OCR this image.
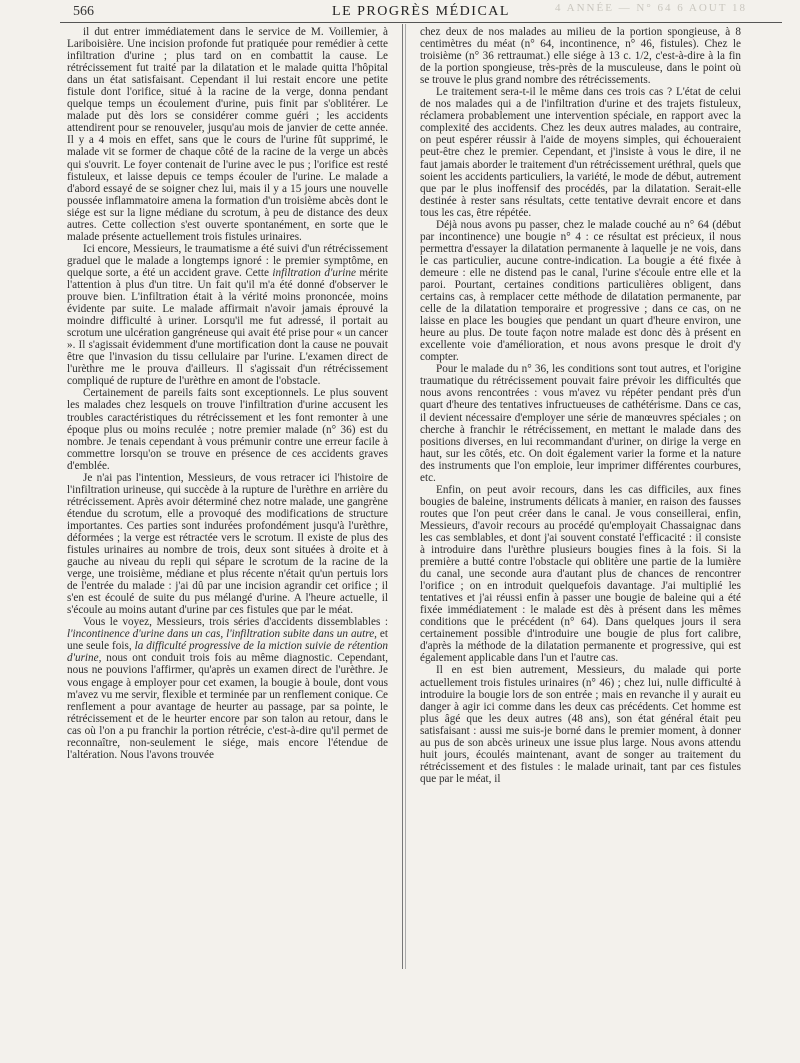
566	LE PROGRÈS MÉDICAL	4 ANNÉE — N° 64 6 AOUT 18

il dut entrer immédiatement dans le service de M. Voillemier, à Lariboisière. Une incision profonde fut pratiquée pour remédier à cette infiltration d'urine ; plus tard on en combattit la cause. Le rétrécissement fut traité par la dilatation et le malade quitta l'hôpital dans un état satisfaisant. Cependant il lui restait encore une petite fistule dont l'orifice, situé à la racine de la verge, donna pendant quelque temps un écoulement d'urine, puis finit par s'oblitérer. Le malade put dès lors se considérer comme guéri ; les accidents attendirent pour se renouveler, jusqu'au mois de janvier de cette année. Il y a 4 mois en effet, sans que le cours de l'urine fût supprimé, le malade vit se former de chaque côté de la racine de la verge un abcès qui s'ouvrit. Le foyer contenait de l'urine avec le pus ; l'orifice est resté fistuleux, et laisse depuis ce temps écouler de l'urine. Le malade a d'abord essayé de se soigner chez lui, mais il y a 15 jours une nouvelle poussée inflammatoire amena la formation d'un troisième abcès dont le siége est sur la ligne médiane du scrotum, à peu de distance des deux autres. Cette collection s'est ouverte spontanément, en sorte que le malade présente actuellement trois fistules urinaires.

Ici encore, Messieurs, le traumatisme a été suivi d'un rétrécissement graduel que le malade a longtemps ignoré : le premier symptôme, en quelque sorte, a été un accident grave. Cette infiltration d'urine mérite l'attention à plus d'un titre. Un fait qu'il m'a été donné d'observer le prouve bien. L'infiltration était à la vérité moins prononcée, moins évidente par suite. Le malade affirmait n'avoir jamais éprouvé la moindre difficulté à uriner. Lorsqu'il me fut adressé, il portait au scrotum une ulcération gangréneuse qui avait été prise pour « un cancer ». Il s'agissait évidemment d'une mortification dont la cause ne pouvait être que l'invasion du tissu cellulaire par l'urine. L'examen direct de l'urèthre me le prouva d'ailleurs. Il s'agissait d'un rétrécissement compliqué de rupture de l'urèthre en amont de l'obstacle.

Certainement de pareils faits sont exceptionnels. Le plus souvent les malades chez lesquels on trouve l'infiltration d'urine accusent les troubles caractéristiques du rétrécissement et les font remonter à une époque plus ou moins reculée ; notre premier malade (n° 36) est du nombre. Je tenais cependant à vous prémunir contre une erreur facile à commettre lorsqu'on se trouve en présence de ces accidents graves d'emblée.

Je n'ai pas l'intention, Messieurs, de vous retracer ici l'histoire de l'infiltration urineuse, qui succède à la rupture de l'urèthre en arrière du rétrécissement. Après avoir déterminé chez notre malade, une gangrène étendue du scrotum, elle a provoqué des modifications de structure importantes. Ces parties sont indurées profondément jusqu'à l'urèthre, déformées ; la verge est rétractée vers le scrotum. Il existe de plus des fistules urinaires au nombre de trois, deux sont situées à droite et à gauche au niveau du repli qui sépare le scrotum de la racine de la verge, une troisième, médiane et plus récente n'était qu'un pertuis lors de l'entrée du malade : j'ai dû par une incision agrandir cet orifice ; il s'en est écoulé de suite du pus mélangé d'urine. A l'heure actuelle, il s'écoule au moins autant d'urine par ces fistules que par le méat.

Vous le voyez, Messieurs, trois séries d'accidents dissemblables : l'incontinence d'urine dans un cas, l'infiltration subite dans un autre, et une seule fois, la difficulté progressive de la miction suivie de rétention d'urine, nous ont conduit trois fois au même diagnostic. Cependant, nous ne pouvions l'affirmer, qu'après un examen direct de l'urèthre. Je vous engage à employer pour cet examen, la bougie à boule, dont vous m'avez vu me servir, flexible et terminée par un renflement conique. Ce renflement a pour avantage de heurter au passage, par sa pointe, le rétrécissement et de le heurter encore par son talon au retour, dans le cas où l'on a pu franchir la portion rétrécie, c'est-à-dire qu'il permet de reconnaître, non-seulement le siége, mais encore l'étendue de l'altération. Nous l'avons trouvée

chez deux de nos malades au milieu de la portion spongieuse, à 8 centimètres du méat (n° 64, incontinence, n° 46, fistules). Chez le troisième (n° 36 rettraumat.) elle siége à 13 c. 1/2, c'est-à-dire à la fin de la portion spongieuse, très-près de la musculeuse, dans le point où se trouve le plus grand nombre des rétrécissements.

Le traitement sera-t-il le même dans ces trois cas ? L'état de celui de nos malades qui a de l'infiltration d'urine et des trajets fistuleux, réclamera probablement une intervention spéciale, en rapport avec la complexité des accidents. Chez les deux autres malades, au contraire, on peut espérer réussir à l'aide de moyens simples, qui échoueraient peut-être chez le premier. Cependant, et j'insiste à vous le dire, il ne faut jamais aborder le traitement d'un rétrécissement uréthral, quels que soient les accidents particuliers, la variété, le mode de début, autrement que par le plus inoffensif des procédés, par la dilatation. Serait-elle destinée à rester sans résultats, cette tentative devrait encore et dans tous les cas, être répétée.

Déjà nous avons pu passer, chez le malade couché au n° 64 (début par incontinence) une bougie n° 4 : ce résultat est précieux, il nous permettra d'essayer la dilatation permanente à laquelle je ne vois, dans le cas particulier, aucune contre-indication. La bougie a été fixée à demeure : elle ne distend pas le canal, l'urine s'écoule entre elle et la paroi. Pourtant, certaines conditions particulières obligent, dans certains cas, à remplacer cette méthode de dilatation permanente, par celle de la dilatation temporaire et progressive ; dans ce cas, on ne laisse en place les bougies que pendant un quart d'heure environ, une heure au plus. De toute façon notre malade est donc dès à présent en excellente voie d'amélioration, et nous avons presque le droit d'y compter.

Pour le malade du n° 36, les conditions sont tout autres, et l'origine traumatique du rétrécissement pouvait faire prévoir les difficultés que nous avons rencontrées : vous m'avez vu répéter pendant près d'un quart d'heure des tentatives infructueuses de cathétérisme. Dans ce cas, il devient nécessaire d'employer une série de manœuvres spéciales ; on cherche à franchir le rétrécissement, en mettant le malade dans des positions diverses, en lui recommandant d'uriner, on dirige la verge en haut, sur les côtés, etc. On doit également varier la forme et la nature des instruments que l'on emploie, leur imprimer différentes courbures, etc.

Enfin, on peut avoir recours, dans les cas difficiles, aux fines bougies de baleine, instruments délicats à manier, en raison des fausses routes que l'on peut créer dans le canal. Je vous conseillerai, enfin, Messieurs, d'avoir recours au procédé qu'employait Chassaignac dans les cas semblables, et dont j'ai souvent constaté l'efficacité : il consiste à introduire dans l'urèthre plusieurs bougies fines à la fois. Si la première a butté contre l'obstacle qui oblitère une partie de la lumière du canal, une seconde aura d'autant plus de chances de rencontrer l'orifice ; on en introduit quelquefois davantage. J'ai multiplié les tentatives et j'ai réussi enfin à passer une bougie de baleine qui a été fixée immédiatement : le malade est dès à présent dans les mêmes conditions que le précédent (n° 64). Dans quelques jours il sera certainement possible d'introduire une bougie de plus fort calibre, d'après la méthode de la dilatation permanente et progressive, qui est également applicable dans l'un et l'autre cas.

Il en est bien autrement, Messieurs, du malade qui porte actuellement trois fistules urinaires (n° 46) ; chez lui, nulle difficulté à introduire la bougie lors de son entrée ; mais en revanche il y aurait eu danger à agir ici comme dans les deux cas précédents. Cet homme est plus âgé que les deux autres (48 ans), son état général était peu satisfaisant : aussi me suis-je borné dans le premier moment, à donner au pus de son abcès urineux une issue plus large. Nous avons attendu huit jours, écoulés maintenant, avant de songer au traitement du rétrécissement et des fistules : le malade urinait, tant par ces fistules que par le méat, il
